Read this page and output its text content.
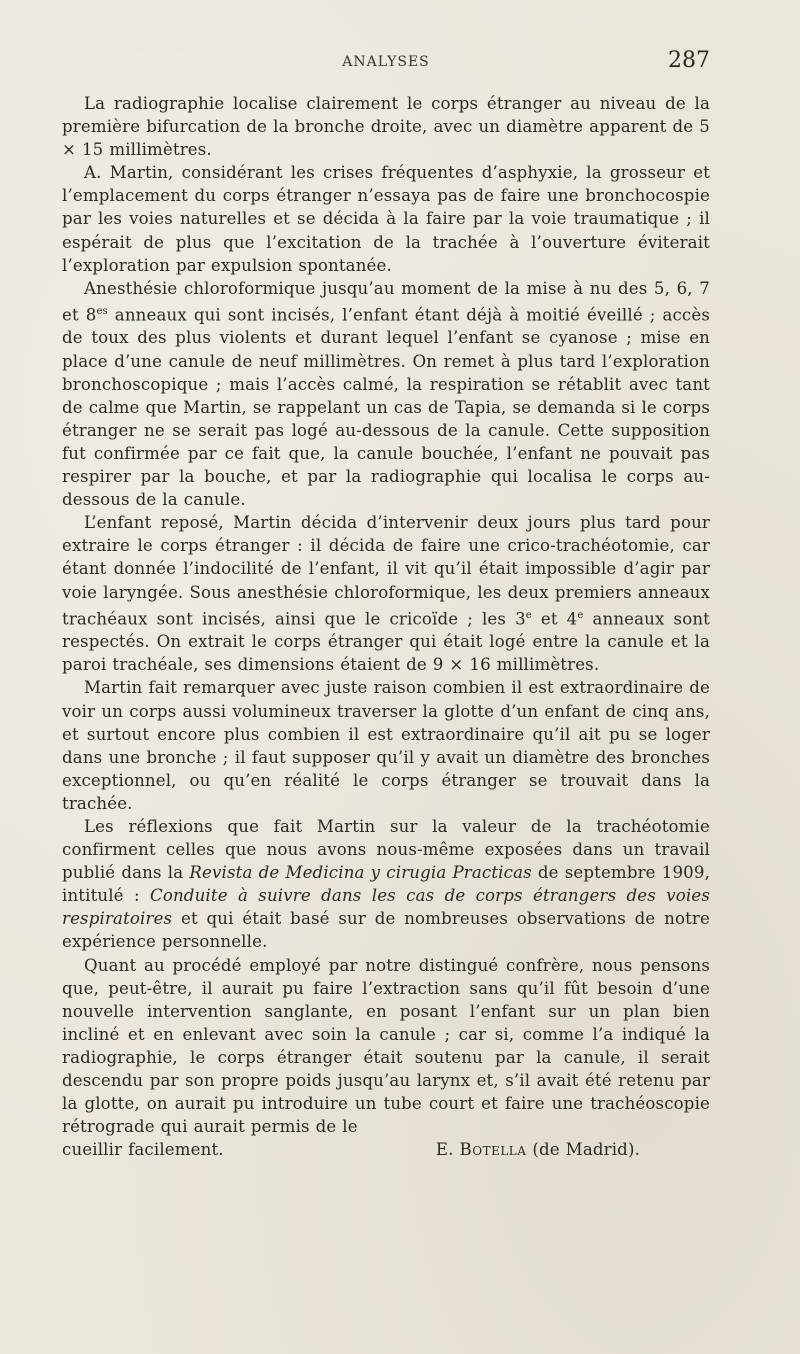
ANALYSES	287

La radiographie localise clairement le corps étranger au niveau de la première bifurcation de la bronche droite, avec un diamètre apparent de 5 × 15 millimètres.

A. Martin, considérant les crises fréquentes d’asphyxie, la grosseur et l’emplacement du corps étranger n’essaya pas de faire une bronchocospie par les voies naturelles et se décida à la faire par la voie traumatique ; il espérait de plus que l’excitation de la trachée à l’ouverture éviterait l’exploration par expulsion spontanée.

Anesthésie chloroformique jusqu’au moment de la mise à nu des 5, 6, 7 et $8^{es}$ anneaux qui sont incisés, l’enfant étant déjà à moitié éveillé ; accès de toux des plus violents et durant lequel l’enfant se cyanose ; mise en place d’une canule de neuf millimètres. On remet à plus tard l’exploration bronchoscopique ; mais l’accès calmé, la respiration se rétablit avec tant de calme que Martin, se rappelant un cas de Tapia, se demanda si le corps étranger ne se serait pas logé au-dessous de la canule. Cette supposition fut confirmée par ce fait que, la canule bouchée, l’enfant ne pouvait pas respirer par la bouche, et par la radiographie qui localisa le corps au-dessous de la canule.

L’enfant reposé, Martin décida d’intervenir deux jours plus tard pour extraire le corps étranger : il décida de faire une crico-trachéotomie, car étant donnée l’indocilité de l’enfant, il vit qu’il était impossible d’agir par voie laryngée. Sous anesthésie chloroformique, les deux premiers anneaux trachéaux sont incisés, ainsi que le cricoïde ; les 3e et 4e anneaux sont respectés. On extrait le corps étranger qui était logé entre la canule et la paroi trachéale, ses dimensions étaient de 9 × 16 millimètres.

Martin fait remarquer avec juste raison combien il est extraordinaire de voir un corps aussi volumineux traverser la glotte d’un enfant de cinq ans, et surtout encore plus combien il est extraordinaire qu’il ait pu se loger dans une bronche ; il faut supposer qu’il y avait un diamètre des bronches exceptionnel, ou qu’en réalité le corps étranger se trouvait dans la trachée.

Les réflexions que fait Martin sur la valeur de la trachéotomie confirment celles que nous avons nous-même exposées dans un travail publié dans la Revista de Medicina y cirugia Practicas de septembre 1909, intitulé : Conduite à suivre dans les cas de corps étrangers des voies respiratoires et qui était basé sur de nombreuses observations de notre expérience personnelle.

Quant au procédé employé par notre distingué confrère, nous pensons que, peut-être, il aurait pu faire l’extraction sans qu’il fût besoin d’une nouvelle intervention sanglante, en posant l’enfant sur un plan bien incliné et en enlevant avec soin la canule ; car si, comme l’a indiqué la radiographie, le corps étranger était soutenu par la canule, il serait descendu par son propre poids jusqu’au larynx et, s’il avait été retenu par la glotte, on aurait pu introduire un tube court et faire une trachéoscopie rétrograde qui aurait permis de le

cueillir facilement.	E. Botella (de Madrid).
